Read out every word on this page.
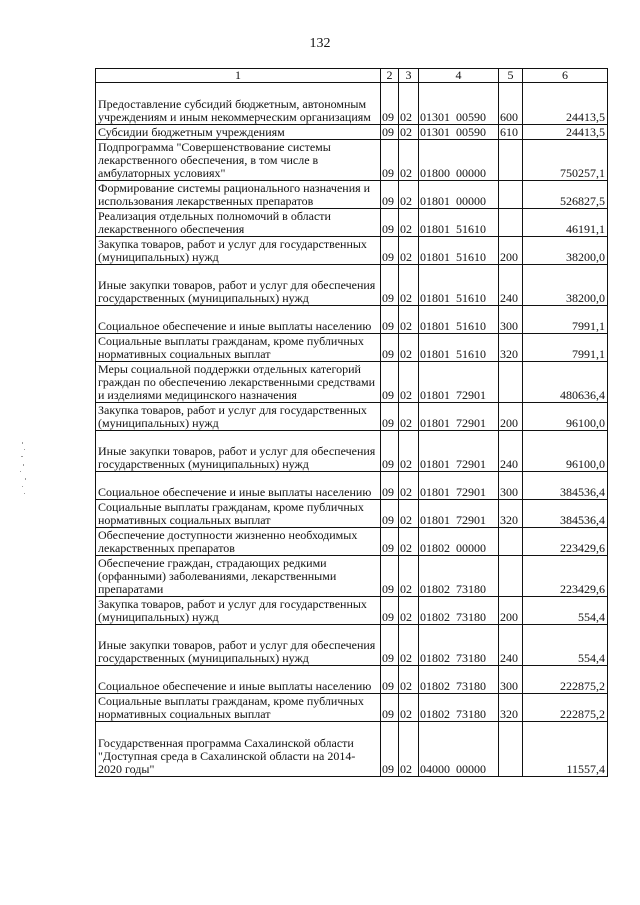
132
1	2	3	4	5	6
Предоставление субсидий бюджетным, автономным учреждениям и иным некоммерческим организациям	09	02	01301 00590	600	24413,5
Субсидии бюджетным учреждениям	09	02	01301 00590	610	24413,5
Подпрограмма "Совершенствование системы лекарственного обеспечения, в том числе в амбулаторных условиях"	09	02	01800 00000		750257,1
Формирование системы рационального назначения и использования лекарственных препаратов	09	02	01801 00000		526827,5
Реализация отдельных полномочий в области лекарственного обеспечения	09	02	01801 51610		46191,1
Закупка товаров, работ и услуг для государственных (муниципальных) нужд	09	02	01801 51610	200	38200,0
Иные закупки товаров, работ и услуг для обеспечения государственных (муниципальных) нужд	09	02	01801 51610	240	38200,0
Социальное обеспечение и иные выплаты населению	09	02	01801 51610	300	7991,1
Социальные выплаты гражданам, кроме публичных нормативных социальных выплат	09	02	01801 51610	320	7991,1
Меры социальной поддержки отдельных категорий граждан по обеспечению лекарственными средствами и изделиями медицинского назначения	09	02	01801 72901		480636,4
Закупка товаров, работ и услуг для государственных (муниципальных) нужд	09	02	01801 72901	200	96100,0
Иные закупки товаров, работ и услуг для обеспечения государственных (муниципальных) нужд	09	02	01801 72901	240	96100,0
Социальное обеспечение и иные выплаты населению	09	02	01801 72901	300	384536,4
Социальные выплаты гражданам, кроме публичных нормативных социальных выплат	09	02	01801 72901	320	384536,4
Обеспечение доступности жизненно необходимых лекарственных препаратов	09	02	01802 00000		223429,6
Обеспечение граждан, страдающих редкими (орфанными) заболеваниями, лекарственными препаратами	09	02	01802 73180		223429,6
Закупка товаров, работ и услуг для государственных (муниципальных) нужд	09	02	01802 73180	200	554,4
Иные закупки товаров, работ и услуг для обеспечения государственных (муниципальных) нужд	09	02	01802 73180	240	554,4
Социальное обеспечение и иные выплаты населению	09	02	01802 73180	300	222875,2
Социальные выплаты гражданам, кроме публичных нормативных социальных выплат	09	02	01802 73180	320	222875,2
Государственная программа Сахалинской области "Доступная среда в Сахалинской области на 2014-2020 годы"	09	02	04000 00000		11557,4
